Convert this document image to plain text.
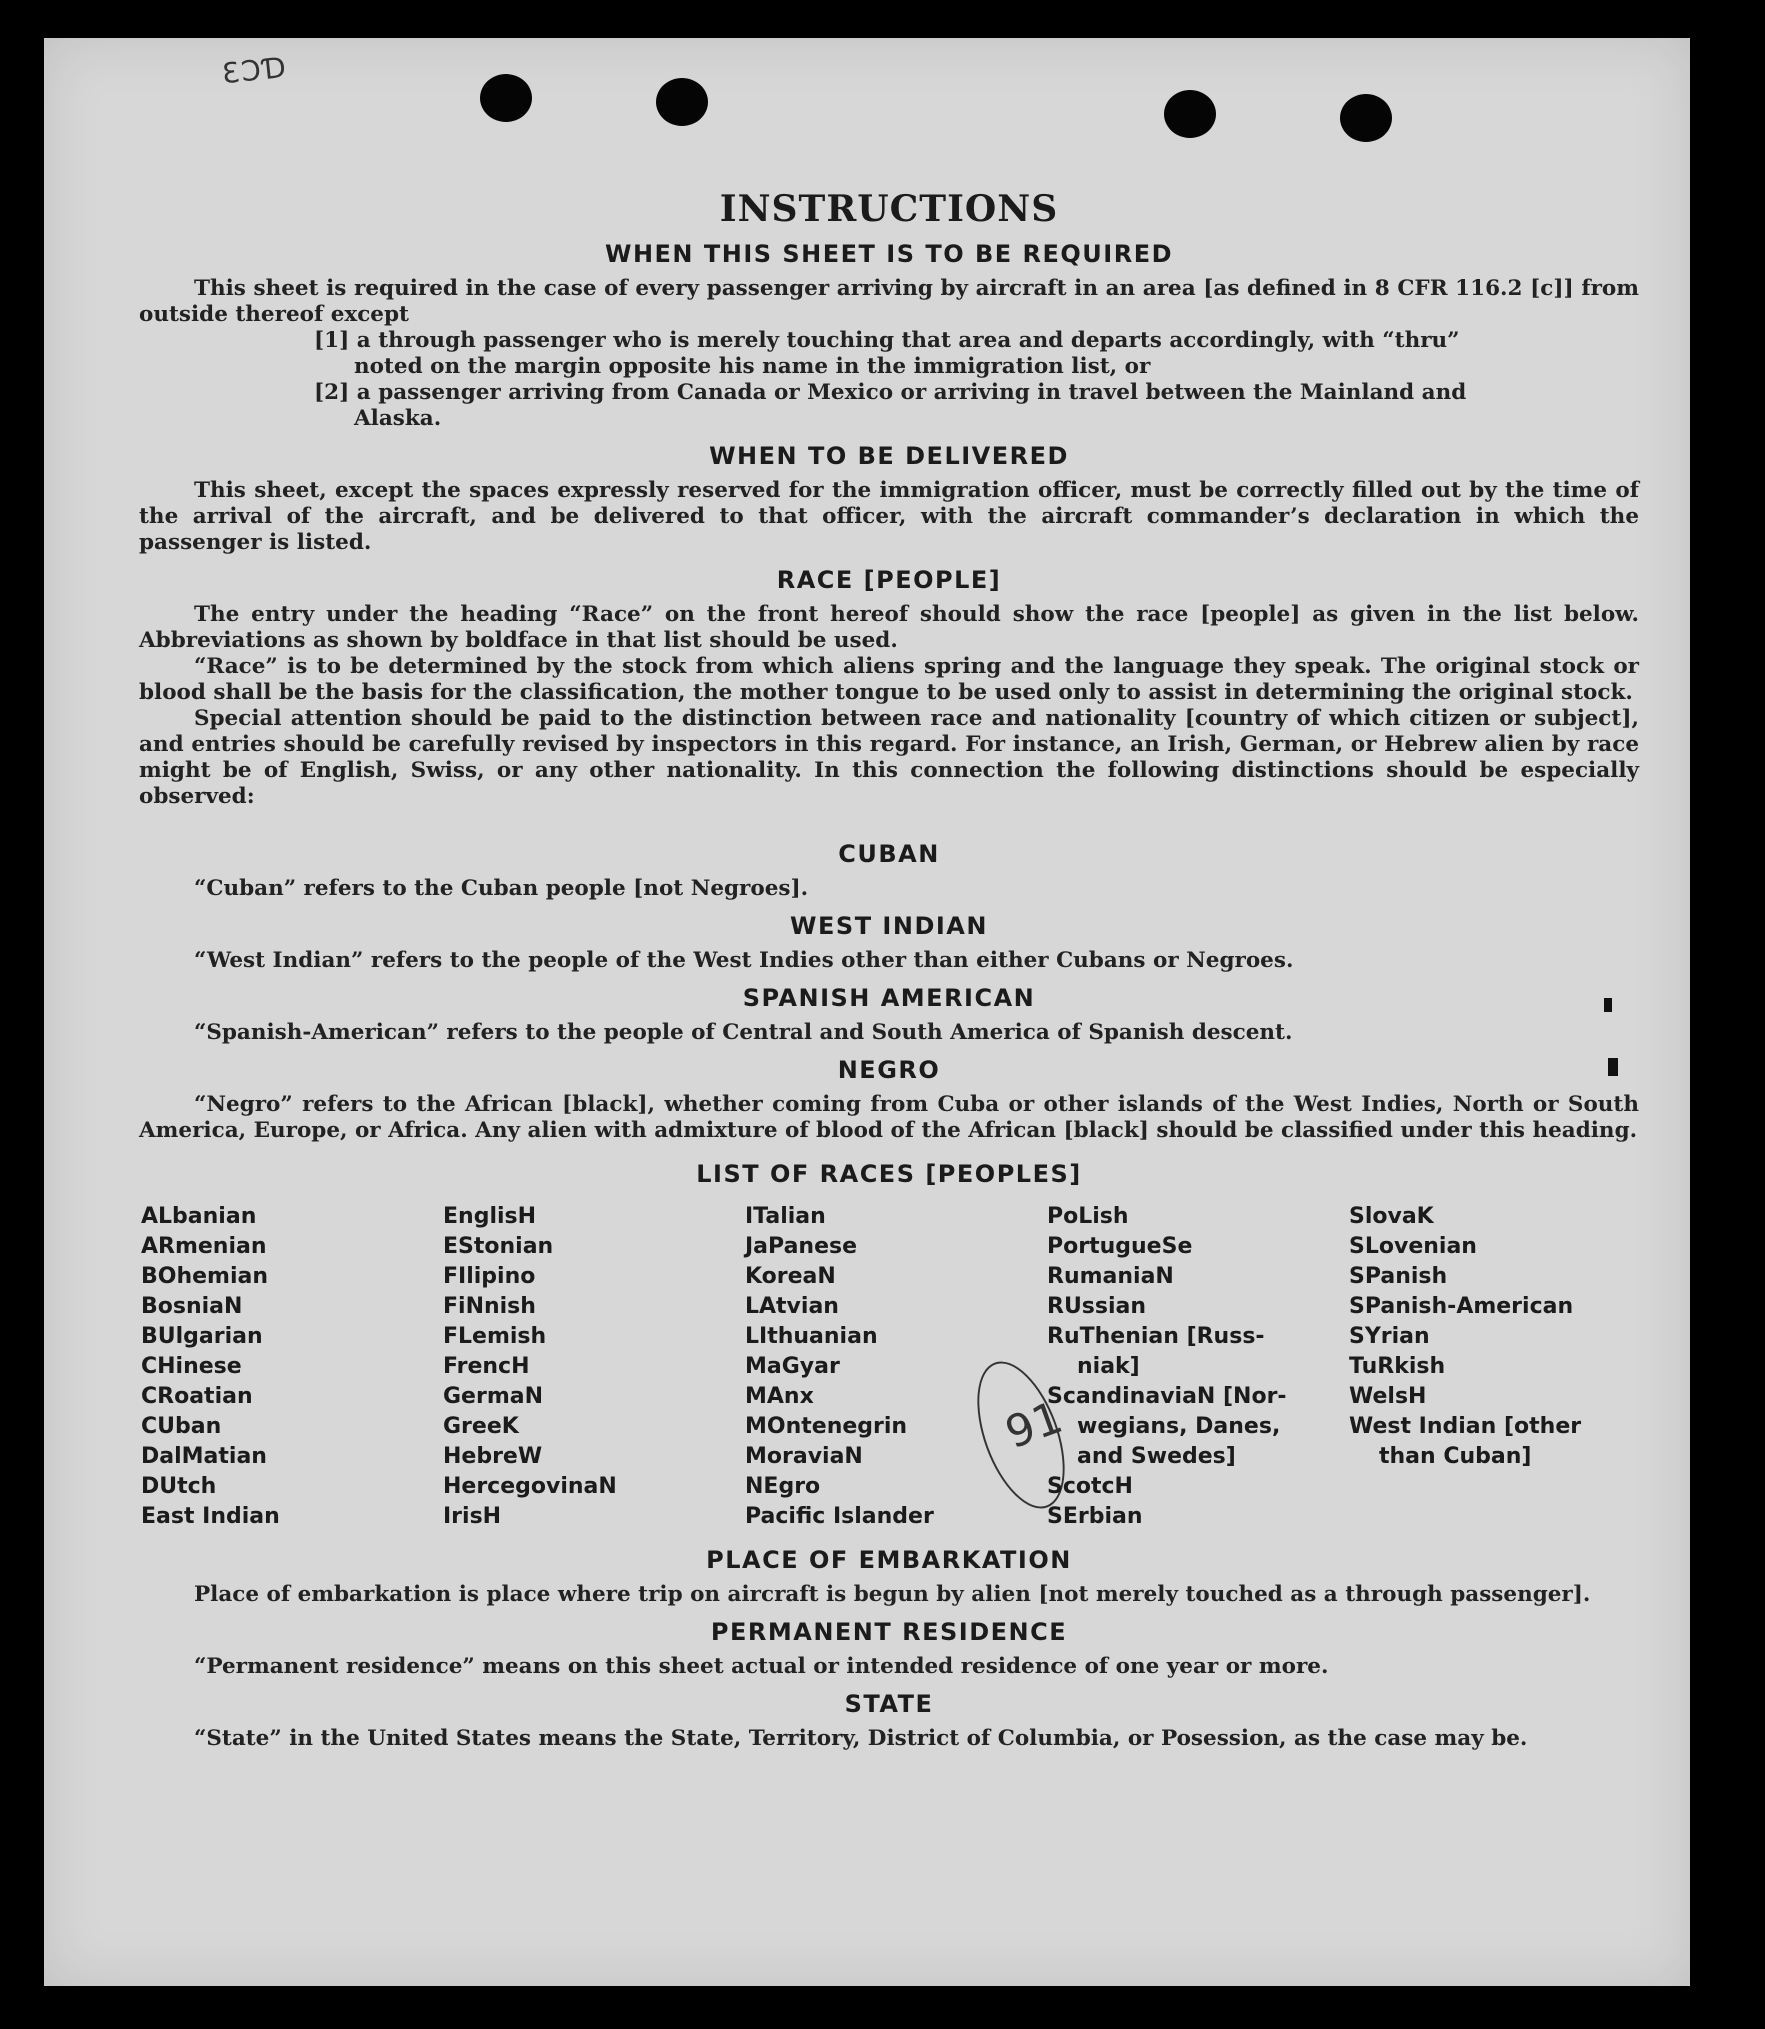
ƐƆƊ
91
INSTRUCTIONS
WHEN THIS SHEET IS TO BE REQUIRED

This sheet is required in the case of every passenger arriving by aircraft in an area [as defined in 8 CFR 116.2 [c]] from outside thereof except

[1] a through passenger who is merely touching that area and departs accordingly, with “thru”
noted on the margin opposite his name in the immigration list, or

[2] a passenger arriving from Canada or Mexico or arriving in travel between the Mainland and
Alaska.

WHEN TO BE DELIVERED

This sheet, except the spaces expressly reserved for the immigration officer, must be correctly filled out by the time of the arrival of the aircraft, and be delivered to that officer, with the aircraft commander’s declaration in which the passenger is listed.

RACE [PEOPLE]

The entry under the heading “Race” on the front hereof should show the race [people] as given in the list below. Abbreviations as shown by boldface in that list should be used.

“Race” is to be determined by the stock from which aliens spring and the language they speak. The original stock or blood shall be the basis for the classification, the mother tongue to be used only to assist in determining the original stock.

Special attention should be paid to the distinction between race and nationality [country of which citizen or subject], and entries should be carefully revised by inspectors in this regard. For instance, an Irish, German, or Hebrew alien by race might be of English, Swiss, or any other nationality. In this connection the following distinctions should be especially observed:

CUBAN

“Cuban” refers to the Cuban people [not Negroes].

WEST INDIAN

“West Indian” refers to the people of the West Indies other than either Cubans or Negroes.

SPANISH AMERICAN

“Spanish-American” refers to the people of Central and South America of Spanish descent.

NEGRO

“Negro” refers to the African [black], whether coming from Cuba or other islands of the West Indies, North or South America, Europe, or Africa. Any alien with admixture of blood of the African [black] should be classified under this heading.

LIST OF RACES [PEOPLES]
ALbanian
ARmenian
BOhemian
BosniaN
BUlgarian
CHinese
CRoatian
CUban
DalMatian
DUtch
East Indian
EnglisH
EStonian
FIlipino
FiNnish
FLemish
FrencH
GermaN
GreeK
HebreW
HercegovinaN
IrisH
ITalian
JaPanese
KoreaN
LAtvian
LIthuanian
MaGyar
MAnx
MOntenegrin
MoraviaN
NEgro
Pacific Islander
PoLish
PortugueSe
RumaniaN
RUssian
RuThenian [Russ-
niak]
ScandinaviaN [Nor-
wegians, Danes,
and Swedes]
ScotcH
SErbian
SlovaK
SLovenian
SPanish
SPanish-American
SYrian
TuRkish
WelsH
West Indian [other
than Cuban]
PLACE OF EMBARKATION

Place of embarkation is place where trip on aircraft is begun by alien [not merely touched as a through passenger].

PERMANENT RESIDENCE

“Permanent residence” means on this sheet actual or intended residence of one year or more.

STATE

“State” in the United States means the State, Territory, District of Columbia, or Posession, as the case may be.
